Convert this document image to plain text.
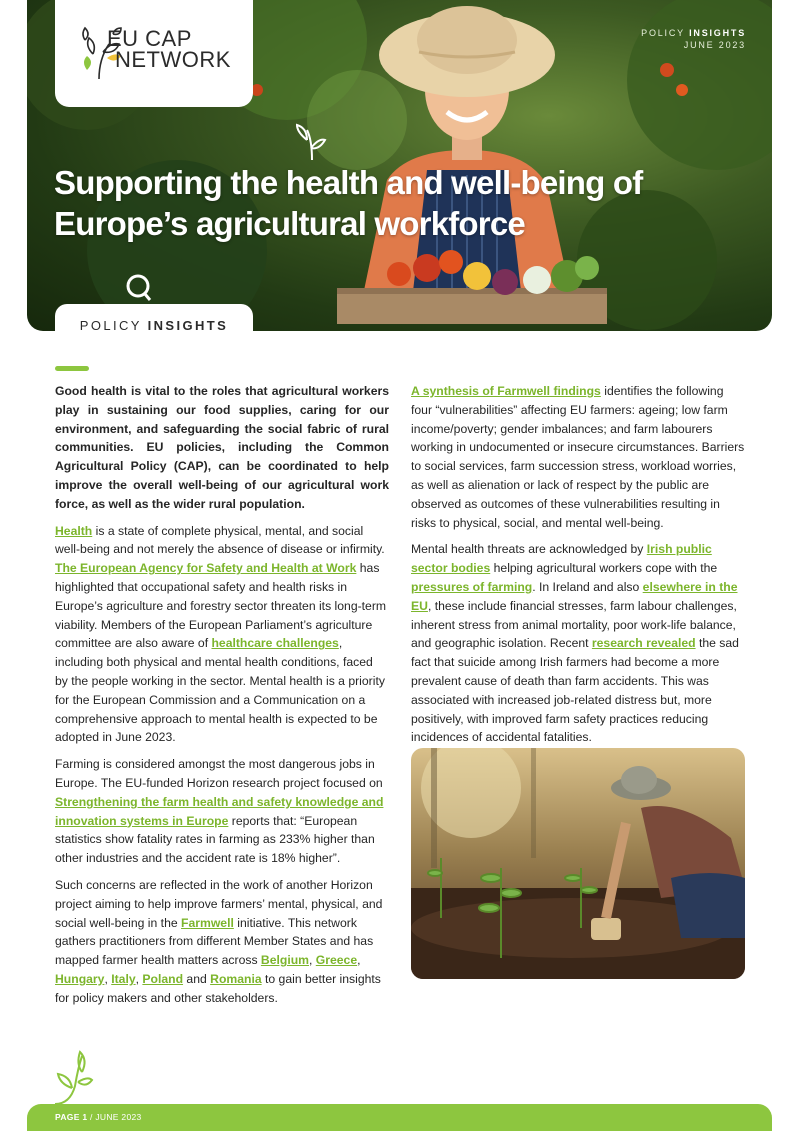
EU CAP
NETWORK
POLICY INSIGHTS
JUNE 2023
Supporting the health and well-being of Europe’s agricultural workforce
POLICY INSIGHTS

Good health is vital to the roles that agricultural workers play in sustaining our food supplies, caring for our environment, and safeguarding the social fabric of rural communities. EU policies, including the Common Agricultural Policy (CAP), can be coordinated to help improve the overall well-being of our agricultural work force, as well as the wider rural population.

Health is a state of complete physical, mental, and social well-being and not merely the absence of disease or infirmity. The European Agency for Safety and Health at Work has highlighted that occupational safety and health risks in Europe’s agriculture and forestry sector threaten its long-term viability. Members of the European Parliament’s agriculture committee are also aware of healthcare challenges, including both physical and mental health conditions, faced by the people working in the sector. Mental health is a priority for the European Commission and a Communication on a comprehensive approach to mental health is expected to be adopted in June 2023.

Farming is considered amongst the most dangerous jobs in Europe. The EU-funded Horizon research project focused on Strengthening the farm health and safety knowledge and innovation systems in Europe reports that: “European statistics show fatality rates in farming as 233% higher than other industries and the accident rate is 18% higher”.

Such concerns are reflected in the work of another Horizon project aiming to help improve farmers’ mental, physical, and social well-being in the Farmwell initiative. This network gathers practitioners from different Member States and has mapped farmer health matters across Belgium, Greece, Hungary, Italy, Poland and Romania to gain better insights for policy makers and other stakeholders.

A synthesis of Farmwell findings identifies the following four “vulnerabilities” affecting EU farmers: ageing; low farm income/poverty; gender imbalances; and farm labourers working in undocumented or insecure circumstances. Barriers to social services, farm succession stress, workload worries, as well as alienation or lack of respect by the public are observed as outcomes of these vulnerabilities resulting in risks to physical, social, and mental well-being.

Mental health threats are acknowledged by Irish public sector bodies helping agricultural workers cope with the pressures of farming. In Ireland and also elsewhere in the EU, these include financial stresses, farm labour challenges, inherent stress from animal mortality, poor work-life balance, and geographic isolation. Recent research revealed the sad fact that suicide among Irish farmers had become a more prevalent cause of death than farm accidents. This was associated with increased job-related distress but, more positively, with improved farm safety practices reducing incidences of accidental fatalities.

PAGE 1 / JUNE 2023
